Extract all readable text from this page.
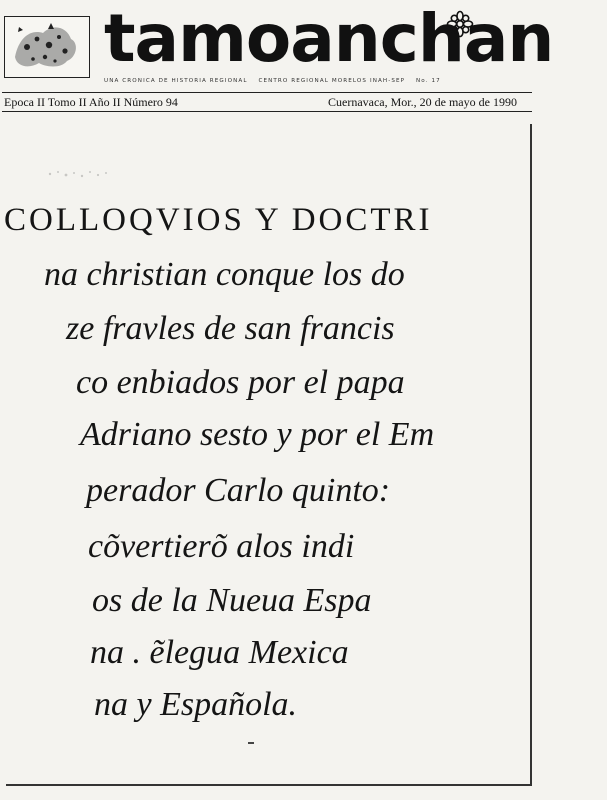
tamoanchan
UNA CRONICA DE HISTORIA REGIONAL CENTRO REGIONAL MORELOS INAH-SEP No. 17
Epoca II Tomo II Año II Número 94	Cuernavaca, Mor., 20 de mayo de 1990
COLLOQVIOS Y DOCTRI
na christian conque los do
ze fravles de san francis
co enbiados por el papa
Adriano sesto y por el Em
perador Carlo quinto:
cõvertierõ alos indi
os de la Nueua Espa
na . ẽlegua Mexica
na y Española.
